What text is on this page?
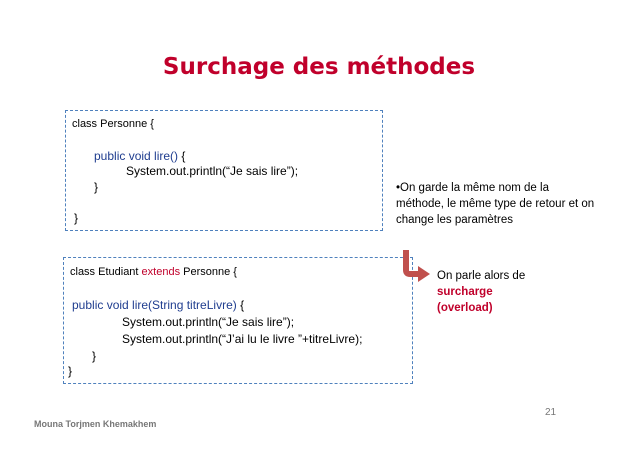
Surchage des méthodes
class Personne {
public void lire() {
System.out.println(“Je sais lire”);
}
}
class Etudiant extends Personne {
public void lire(String titreLivre) {
System.out.println(“Je sais lire”);
System.out.println(“J’ai lu le livre ”+titreLivre);
}
}
•On garde la même nom de la méthode, le même type de retour et on change les paramètres
On parle alors de
surcharge
(overload)
21
Mouna Torjmen Khemakhem
